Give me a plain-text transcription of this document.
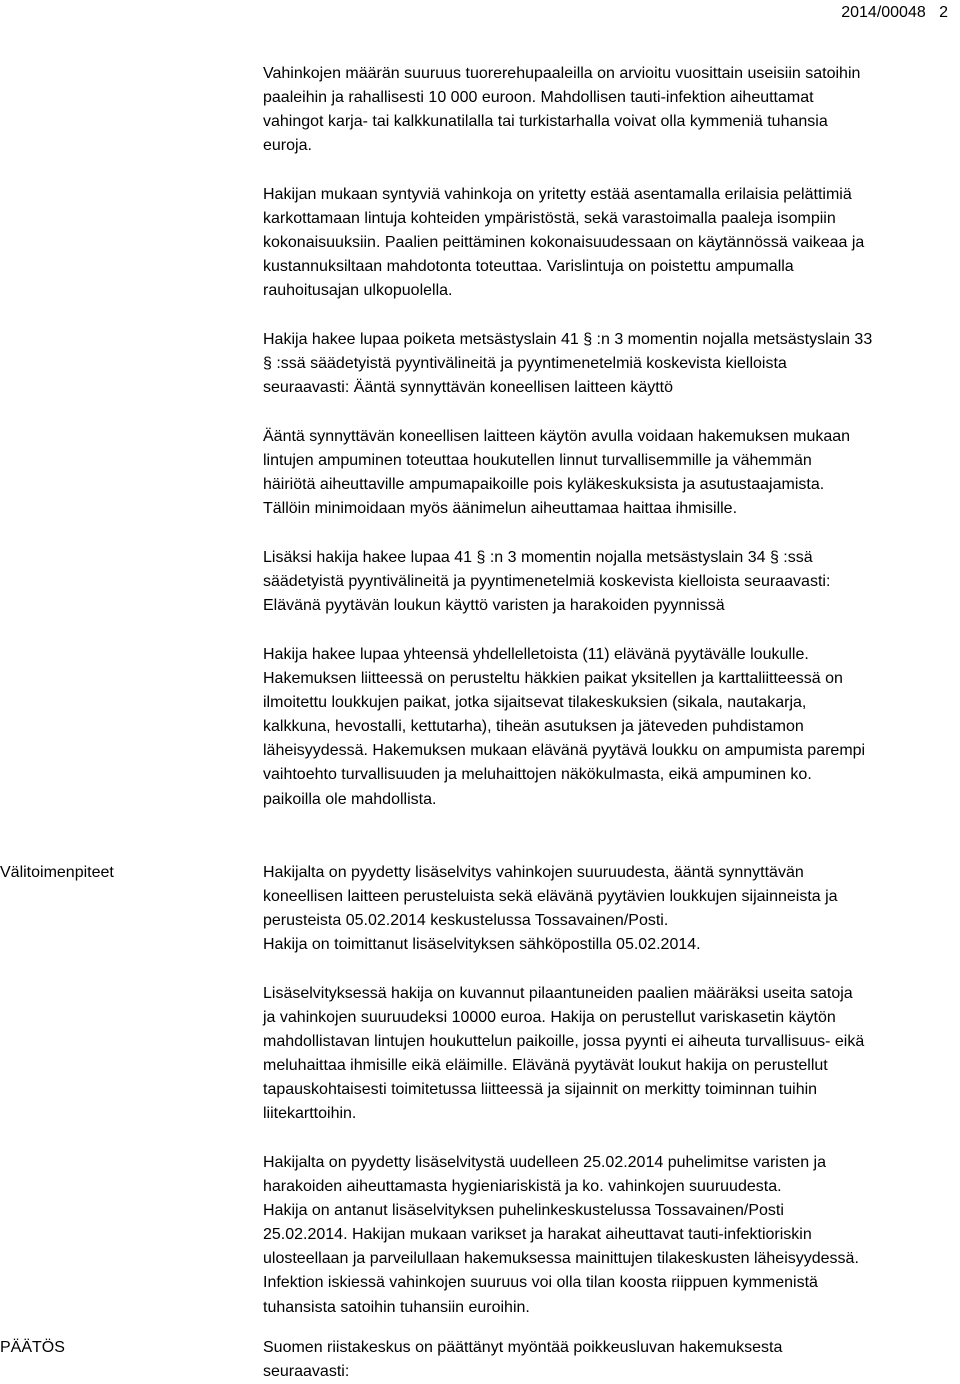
2014/00048 2
Vahinkojen määrän suuruus tuorerehupaaleilla on arvioitu vuosittain useisiin satoihin
paaleihin ja rahallisesti 10 000 euroon. Mahdollisen tauti-infektion aiheuttamat
vahingot karja- tai kalkkunatilalla tai turkistarhalla voivat olla kymmeniä tuhansia
euroja.
Hakijan mukaan syntyviä vahinkoja on yritetty estää asentamalla erilaisia pelättimiä
karkottamaan lintuja kohteiden ympäristöstä, sekä varastoimalla paaleja isompiin
kokonaisuuksiin. Paalien peittäminen kokonaisuudessaan on käytännössä vaikeaa ja
kustannuksiltaan mahdotonta toteuttaa. Varislintuja on poistettu ampumalla
rauhoitusajan ulkopuolella.
Hakija hakee lupaa poiketa metsästyslain 41 § :n 3 momentin nojalla metsästyslain 33
§ :ssä säädetyistä pyyntivälineitä ja pyyntimenetelmiä koskevista kielloista
seuraavasti: Ääntä synnyttävän koneellisen laitteen käyttö
Ääntä synnyttävän koneellisen laitteen käytön avulla voidaan hakemuksen mukaan
lintujen ampuminen toteuttaa houkutellen linnut turvallisemmille ja vähemmän
häiriötä aiheuttaville ampumapaikoille pois kyläkeskuksista ja asutustaajamista.
Tällöin minimoidaan myös äänimelun aiheuttamaa haittaa ihmisille.
Lisäksi hakija hakee lupaa 41 § :n 3 momentin nojalla metsästyslain 34 § :ssä
säädetyistä pyyntivälineitä ja pyyntimenetelmiä koskevista kielloista seuraavasti:
Elävänä pyytävän loukun käyttö varisten ja harakoiden pyynnissä
Hakija hakee lupaa yhteensä yhdellelletoista (11) elävänä pyytävälle loukulle.
Hakemuksen liitteessä on perusteltu häkkien paikat yksitellen ja karttaliitteessä on
ilmoitettu loukkujen paikat, jotka sijaitsevat tilakeskuksien (sikala, nautakarja,
kalkkuna, hevostalli, kettutarha), tiheän asutuksen ja jäteveden puhdistamon
läheisyydessä. Hakemuksen mukaan elävänä pyytävä loukku on ampumista parempi
vaihtoehto turvallisuuden ja meluhaittojen näkökulmasta, eikä ampuminen ko.
paikoilla ole mahdollista.
Välitoimenpiteet	Hakijalta on pyydetty lisäselvitys vahinkojen suuruudesta, ääntä synnyttävän
koneellisen laitteen perusteluista sekä elävänä pyytävien loukkujen sijainneista ja
perusteista 05.02.2014 keskustelussa Tossavainen/Posti.
Hakija on toimittanut lisäselvityksen sähköpostilla 05.02.2014.
Lisäselvityksessä hakija on kuvannut pilaantuneiden paalien määräksi useita satoja
ja vahinkojen suuruudeksi 10000 euroa. Hakija on perustellut variskasetin käytön
mahdollistavan lintujen houkuttelun paikoille, jossa pyynti ei aiheuta turvallisuus- eikä
meluhaittaa ihmisille eikä eläimille. Elävänä pyytävät loukut hakija on perustellut
tapauskohtaisesti toimitetussa liitteessä ja sijainnit on merkitty toiminnan tuihin
liitekarttoihin.
Hakijalta on pyydetty lisäselvitystä uudelleen 25.02.2014 puhelimitse varisten ja
harakoiden aiheuttamasta hygieniariskistä ja ko. vahinkojen suuruudesta.
Hakija on antanut lisäselvityksen puhelinkeskustelussa Tossavainen/Posti
25.02.2014. Hakijan mukaan varikset ja harakat aiheuttavat tauti-infektioriskin
ulosteellaan ja parveilullaan hakemuksessa mainittujen tilakeskusten läheisyydessä.
Infektion iskiessä vahinkojen suuruus voi olla tilan koosta riippuen kymmenistä
tuhansista satoihin tuhansiin euroihin.
PÄÄTÖS	Suomen riistakeskus on päättänyt myöntää poikkeusluvan hakemuksesta
seuraavasti:
